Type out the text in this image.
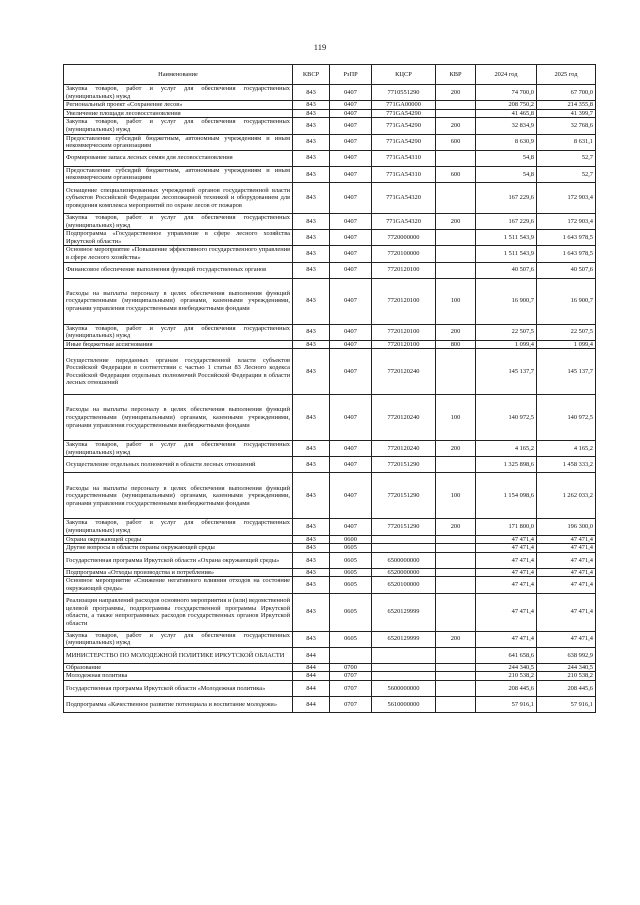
119
Наименование	КВСР	РзПР	КЦСР	КВР	2024 год	2025 год
Закупка товаров, работ и услуг для обеспечения государственных (муниципальных) нужд	843	0407	7710551290	200	74 700,0	67 700,0
Региональный проект «Сохранение лесов»	843	0407	771GA00000		208 750,2	214 355,8
Увеличение площади лесовосстановления	843	0407	771GA54290		41 465,8	41 399,7
Закупка товаров, работ и услуг для обеспечения государственных (муниципальных) нужд	843	0407	771GA54290	200	32 834,9	32 768,6
Предоставление субсидий бюджетным, автономным учреждениям и иным некоммерческим организациям	843	0407	771GA54290	600	8 630,9	8 631,1
Формирование запаса лесных семян для лесовосстановления	843	0407	771GA54310		54,8	52,7
Предоставление субсидий бюджетным, автономным учреждениям и иным некоммерческим организациям	843	0407	771GA54310	600	54,8	52,7
Оснащение специализированных учреждений органов государственной власти субъектов Российской Федерации лесопожарной техникой и оборудованием для проведения комплекса мероприятий по охране лесов от пожаров	843	0407	771GA54320		167 229,6	172 903,4
Закупка товаров, работ и услуг для обеспечения государственных (муниципальных) нужд	843	0407	771GA54320	200	167 229,6	172 903,4
Подпрограмма «Государственное управление в сфере лесного хозяйства Иркутской области»	843	0407	7720000000		1 511 543,9	1 643 978,5
Основное мероприятие «Повышение эффективного государственного управления в сфере лесного хозяйства»	843	0407	7720100000		1 511 543,9	1 643 978,5
Финансовое обеспечение выполнения функций государственных органов	843	0407	7720120100		40 507,6	40 507,6
Расходы на выплаты персоналу в целях обеспечения выполнения функций государственными (муниципальными) органами, казенными учреждениями, органами управления государственными внебюджетными фондами	843	0407	7720120100	100	16 900,7	16 900,7
Закупка товаров, работ и услуг для обеспечения государственных (муниципальных) нужд	843	0407	7720120100	200	22 507,5	22 507,5
Иные бюджетные ассигнования	843	0407	7720120100	800	1 099,4	1 099,4
Осуществление переданных органам государственной власти субъектов Российской Федерации в соответствии с частью 1 статьи 83 Лесного кодекса Российской Федерации отдельных полномочий Российской Федерации в области лесных отношений	843	0407	7720120240		145 137,7	145 137,7
Расходы на выплаты персоналу в целях обеспечения выполнения функций государственными (муниципальными) органами, казенными учреждениями, органами управления государственными внебюджетными фондами	843	0407	7720120240	100	140 972,5	140 972,5
Закупка товаров, работ и услуг для обеспечения государственных (муниципальных) нужд	843	0407	7720120240	200	4 165,2	4 165,2
Осуществление отдельных полномочий в области лесных отношений	843	0407	7720151290		1 325 898,6	1 458 333,2
Расходы на выплаты персоналу в целях обеспечения выполнения функций государственными (муниципальными) органами, казенными учреждениями, органами управления государственными внебюджетными фондами	843	0407	7720151290	100	1 154 098,6	1 262 033,2
Закупка товаров, работ и услуг для обеспечения государственных (муниципальных) нужд	843	0407	7720151290	200	171 800,0	196 300,0
Охрана окружающей среды	843	0600			47 471,4	47 471,4
Другие вопросы в области охраны окружающей среды	843	0605			47 471,4	47 471,4
Государственная программа Иркутской области «Охрана окружающей среды»	843	0605	6500000000		47 471,4	47 471,4
Подпрограмма «Отходы производства и потребления»	843	0605	6520000000		47 471,4	47 471,4
Основное мероприятие «Снижение негативного влияния отходов на состояние окружающей среды»	843	0605	6520100000		47 471,4	47 471,4
Реализация направлений расходов основного мероприятия и (или) ведомственной целевой программы, подпрограммы государственной программы Иркутской области, а также непрограммных расходов государственных органов Иркутской области	843	0605	6520129999		47 471,4	47 471,4
Закупка товаров, работ и услуг для обеспечения государственных (муниципальных) нужд	843	0605	6520129999	200	47 471,4	47 471,4
МИНИСТЕРСТВО ПО МОЛОДЕЖНОЙ ПОЛИТИКЕ ИРКУТСКОЙ ОБЛАСТИ	844				641 658,6	638 992,9
Образование	844	0700			244 340,5	244 340,5
Молодежная политика	844	0707			210 538,2	210 538,2
Государственная программа Иркутской области «Молодежная политика»	844	0707	5600000000		208 445,6	208 445,6
Подпрограмма «Качественное развитие потенциала и воспитание молодежи»	844	0707	5610000000		57 916,1	57 916,1
